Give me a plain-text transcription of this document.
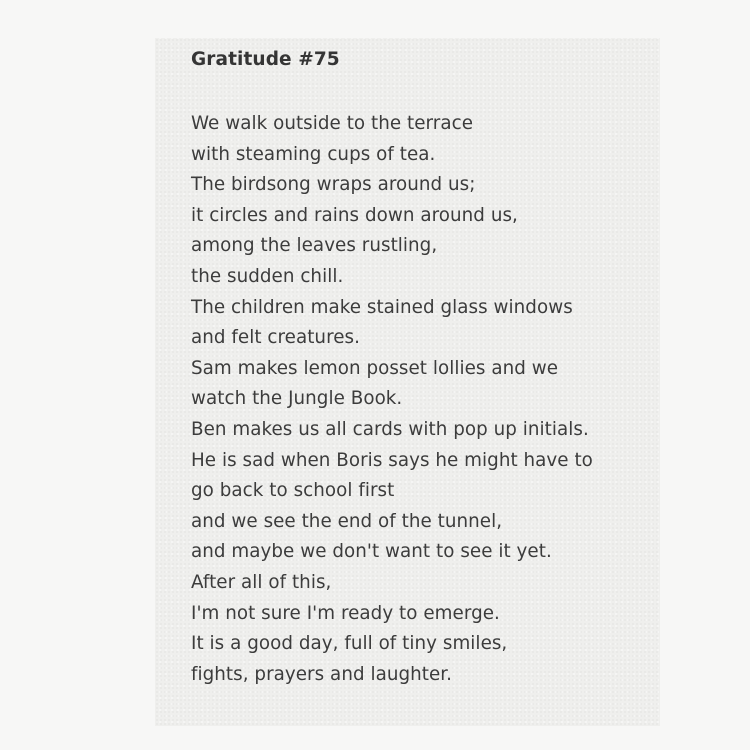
Gratitude #75
We walk outside to the terrace
with steaming cups of tea.
The birdsong wraps around us;
it circles and rains down around us,
among the leaves rustling,
the sudden chill.
The children make stained glass windows
and felt creatures.
Sam makes lemon posset lollies and we
watch the Jungle Book.
Ben makes us all cards with pop up initials.
He is sad when Boris says he might have to
go back to school first
and we see the end of the tunnel,
and maybe we don't want to see it yet.
After all of this,
I'm not sure I'm ready to emerge.
It is a good day, full of tiny smiles,
fights, prayers and laughter.
